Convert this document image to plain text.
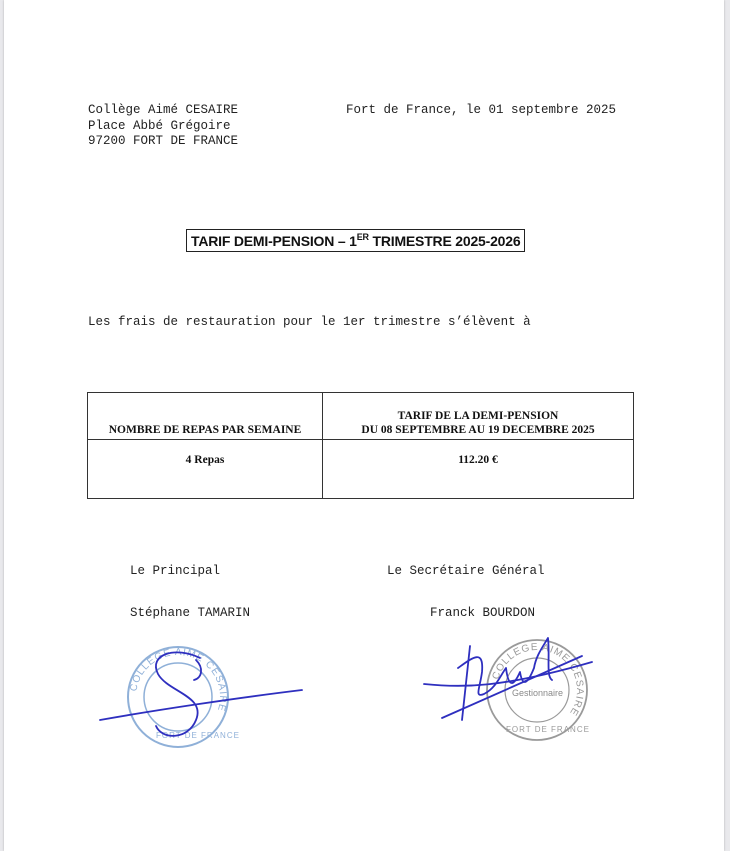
Collège Aimé CESAIRE
Place Abbé Grégoire
97200 FORT DE FRANCE
Fort de France, le 01 septembre 2025
TARIF DEMI-PENSION – 1ER TRIMESTRE 2025-2026
Les frais de restauration pour le 1er trimestre s’élèvent à
NOMBRE DE REPAS PAR SEMAINE	TARIF DE LA DEMI-PENSION
DU 08 SEPTEMBRE AU 19 DECEMBRE 2025

4 Repas	112.20 €
Le Principal	Le Secrétaire Général
Stéphane TAMARIN	Franck BOURDON
COLLEGE AIME CESAIRE
FORT DE FRANCE
COLLEGE AIME CESAIRE
Gestionnaire
FORT DE FRANCE
